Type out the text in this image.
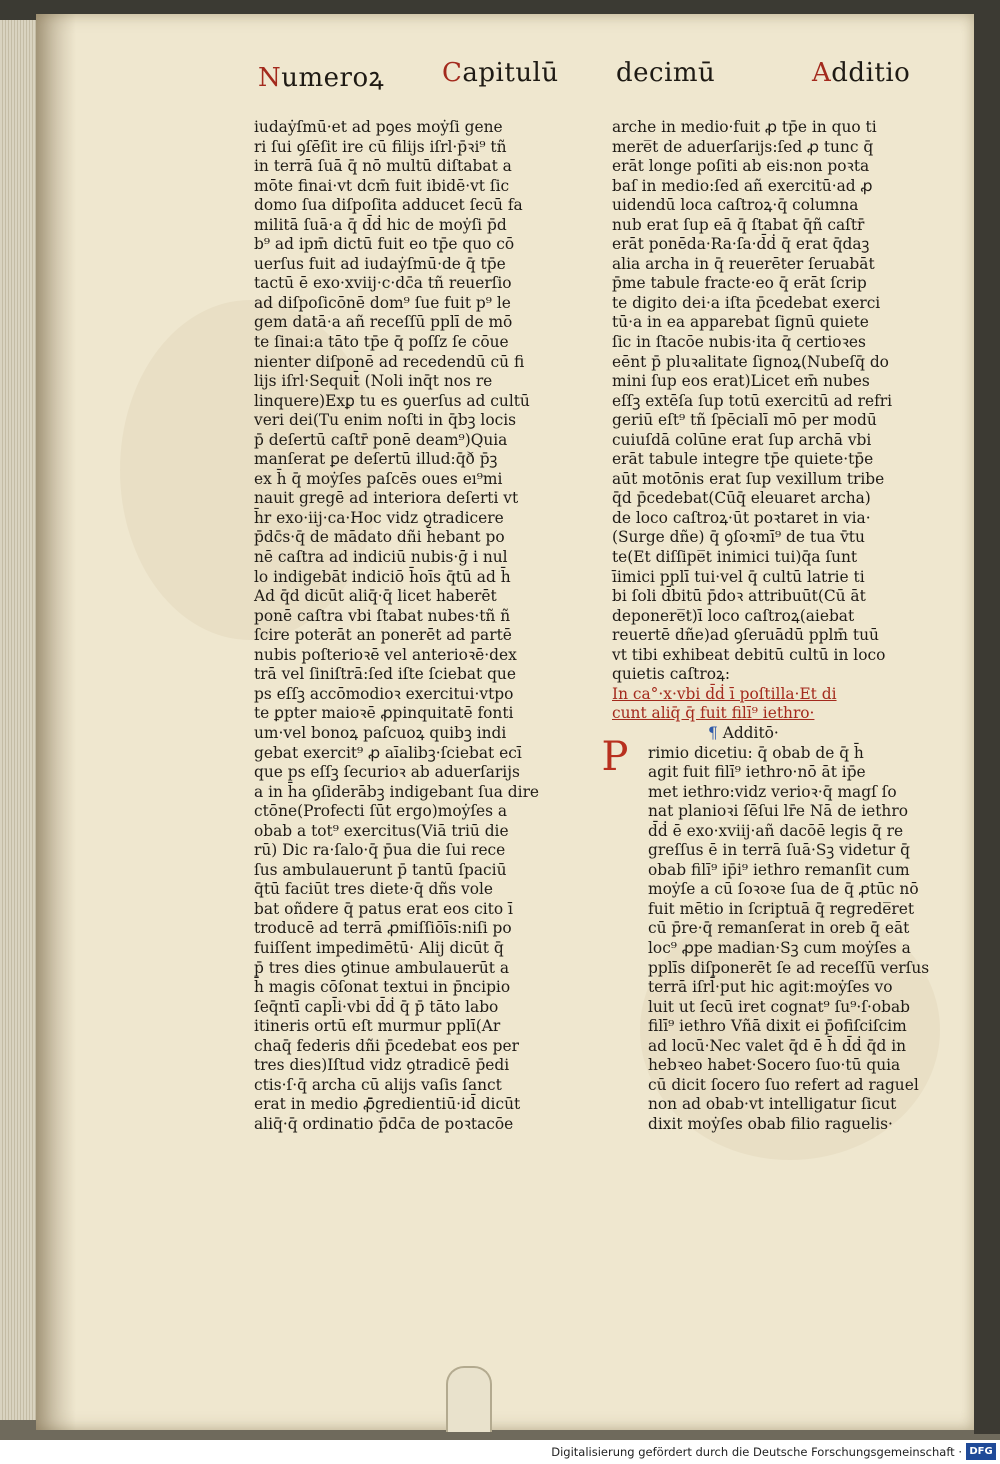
Numeroꝝ Capitulū decimū	Additio
iudaẏſmū·et ad pꝯes moẏſi gene
ri ſui ꝯſēſit ire cū filijs iſrl·p̄ꝛi⁹ tñ
in terrā ſuā q̄ nō multū diſtabat a
mōte finai·vt dcm̄ fuit ibidē·vt ſic
domo ſua diſpoſita adducet ſecū fa
militā ſuā·a q̄ d̄ḋ hic de moẏſi p̄d
b⁹ ad ipm̄ dictū fuit eo tp̄e quo cō
uerſus fuit ad iudaẏſmū·de q̄ tp̄e
tactū ē exo·xviij·c·dc̄a tñ reuerſio
ad diſpoſicōnē dom⁹ ſue fuit p⁹ le
gem datā·a añ receſſū pplī de mō
te ſinai:a tāto tp̄e q̄ poſſz ſe cōue
nienter diſponē ad recedendū cū fi
lijs iſrl·Sequit̄ (Noli inq̄t nos re
linquere)Exꝑ tu es ꝯuerſus ad cultū
veri dei(Tu enim noſti in q̄bꝫ locis
p̄ deſertū caſtr̄ ponē deam⁹)Quia
manſerat ꝑe deſertū illud:q̄ð p̄ꝫ
ex h̄ q̄ moẏſes paſcēs oues eı⁹mi
nauit gregē ad interiora deſerti vt
h̄r exo·iij·ca·Hoc vidz ꝯtradicere
p̄dc̄s·q̄ de mādato dñi h̄ebant po
nē caſtra ad indiciū nubis·ḡ i nul
lo indigebāt indiciō h̄oīs q̄tū ad h̄
Ad q̄d dicūt aliq̄·q̄ licet haberēt
ponē caſtra vbi ſtabat nubes·tñ ñ
ſcire poterāt an ponerēt ad partē
nubis poſterioꝛē vel anterioꝛē·dex
trā vel ſiniſtrā:ſed iſte ſciebat que
ps eſſꝫ accōmodioꝛ exercitui·vtpo
te ꝑpter maioꝛē ꝓpinquitatē fonti
um·vel bonoꝝ paſcuoꝝ quibꝫ indi
gebat exercit⁹ ꝓ aīalibꝫ·ſciebat ecī
que ps eſſꝫ ſecurioꝛ ab aduerſarijs
a in h̄a ꝯſiderābꝫ indigebant ſua dire
ctōne(Profecti ſūt ergo)moẏſes a
obab a tot⁹ exercitus(Viā triū die
rū) Dic ra·ſalo·q̄ p̄ua die ſui rece
ſus ambulauerunt p̄ tantū ſpaciū
q̄tū faciūt tres diete·q̄ dñs vole
bat oñdere q̄ patus erat eos cito ī
troducē ad terrā ꝓmiſſiōīs:niſi po
fuiſſent impedimētū· Alij dicūt q̄
p̄ tres dies ꝯtinue ambulauerūt a
h̄ magis cōſonat textui in p̄ncipio
ſeq̄ntī capl̄i·vbi d̄ḋ q̄ p̄ tāto labo
itineris ortū eſt murmur pplī(Ar
chaq̄ federis dñi p̄cedebat eos per
tres dies)Iſtud vidz ꝯtradicē p̄edi
ctis·ſ·q̄ archa cū alijs vaſis ſanct
erat in medio ꝓ̄gredientiū·id̄ dicūt
aliq̄·q̄ ordinatio p̄dc̄a de poꝛtacōe
arche in medio·fuit ꝓ tp̄e in quo ti
mere̅t de aduerſarijs:ſed ꝓ tunc q̄
erāt longe poſiti ab eis:non poꝛta
baſ in medio:ſed añ exercitū·ad ꝓ
uidendū loca caſtroꝝ·q̄ columna
nub erat ſup eā q̄ ſtabat q̄ñ caſtr̄
erāt ponēda·Ra·ſa·d̄ḋ q̄ erat q̄daꝫ
alia archa in q̄ reuerēter ſeruabāt
p̄me tabule fracte·eo q̄ erāt ſcrip
te digito dei·a iſta p̄cedebat exerci
tū·a in ea apparebat ſignū quiete
ſic in ſtacōe nubis·ita q̄ certioꝛes
eēnt p̄ pluꝛalitate ſignoꝝ(Nubeſq̄ do
mini ſup eos erat)Licet em̄ nubes
eſſꝫ extēſa ſup totū exercitū ad refri
geriū eſt⁹ tñ ſpēcialī mō per modū
cuiuſdā colūne erat ſup archā vbi
erāt tabule integre tp̄e quiete·tp̄e
aūt motōnis erat ſup vexillum tribe
q̄d p̄cedebat(Cūq̄ eleuaret archa)
de loco caſtroꝝ·ūt poꝛtaret in via·
(Surge dñe) q̄ ꝯſoꝛmī⁹ de tua v̄tu
te(Et diſſipe̅t inimici tui)q̄a ſunt
īimici pplī tui·vel q̄ cultū latrie ti
bi ſoli d̄bitū p̄doꝛ attribuūt(Cū āt
deponere̅t)ī loco caſtroꝝ(aiebat
reuertē dñe)ad ꝯſeruādū pplm̄ tuū
vt tibi exhibeat debitū cultū in loco
quietis caſtroꝝ:
In ca°·x·vbi d̄ḋ ī poſtilla·Et di
cunt aliq̄ q̄ fuit filī⁹ iethro·
¶ Additō·
rimio dicetiu: q̄ obab de q̄ h̄
agit fuit filī⁹ iethro·nō āt ip̄e
met iethro:vidz verioꝛ·q̄ magſ ſo
nat planioꝛi ſēſui lr̄e Nā de iethro
d̄ḋ ē exo·xviij·añ dacōē legis q̄ re
greſſus ē in terrā ſuā·Sꝫ videtur q̄
obab filī⁹ ip̄i⁹ iethro remanſit cum
moẏſe a cū ſoꝛoꝛe ſua de q̄ ꝓtūc nō
fuit mētio in ſcriptuā q̄ regrede̅ret
cū p̄re·q̄ remanſerat in oreb q̄ eāt
loc⁹ ꝓpe madian·Sꝫ cum moẏſes a
pplīs diſponerēt ſe ad receſſū verſus
terrā iſrl̄·put hic agit:moẏſes vo
luit ut ſecū iret cognat⁹ ſu⁹·ſ·obab
filī⁹ iethro Vñā dixit ei p̄ofiſciſcim
ad locū·Nec valet q̄d ē h̄ d̄ḋ q̄d in
hebꝛeo habet·Socero ſuo·tū quia
cū dicit ſocero ſuo refert ad raguel
non ad obab·vt intelligatur ſicut
dixit moẏſes obab filio raguelis·
P
Digitalisierung gefördert durch die Deutsche Forschungsgemeinschaft · DFG
